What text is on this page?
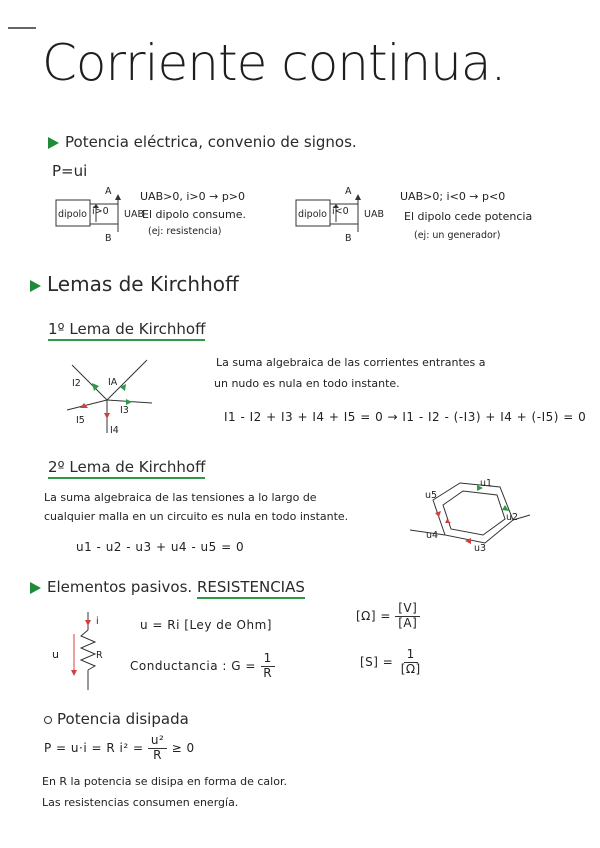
Corriente continua.
Potencia eléctrica, convenio de signos.
P=ui
dipolo i>0
A
B
UAB
UAB>0, i>0 → p>0
El dipolo consume.
(ej: resistencia)
dipolo i<0
A
B
UAB
UAB>0; i<0 → p<0
El dipolo cede potencia
(ej: un generador)
Lemas de Kirchhoff
1º Lema de Kirchhoff
I2	IA
I3
I5
I4
La suma algebraica de las corrientes entrantes a
un nudo es nula en todo instante.
I1 - I2 + I3 + I4 + I5 = 0 → I1 - I2 - (-I3) + I4 + (-I5) = 0
2º Lema de Kirchhoff
La suma algebraica de las tensiones a lo largo de
cualquier malla en un circuito es nula en todo instante.
u1 - u2 - u3 + u4 - u5 = 0
u5
u1
u2
u3
u4
Elementos pasivos. RESISTENCIAS
u	R
i	u = Ri [Ley de Ohm]
$[\Omega] = \frac{[V]}{[A]}$
Conductancia : $G = \frac{1}{R}$	$[S] = \frac{1}{[\Omega]}$
Potencia disipada
P = u·i = R $i^2 = \frac{\text{u²}}{R} \ge 0$
En R la potencia se disipa en forma de calor.
Las resistencias consumen energía.
